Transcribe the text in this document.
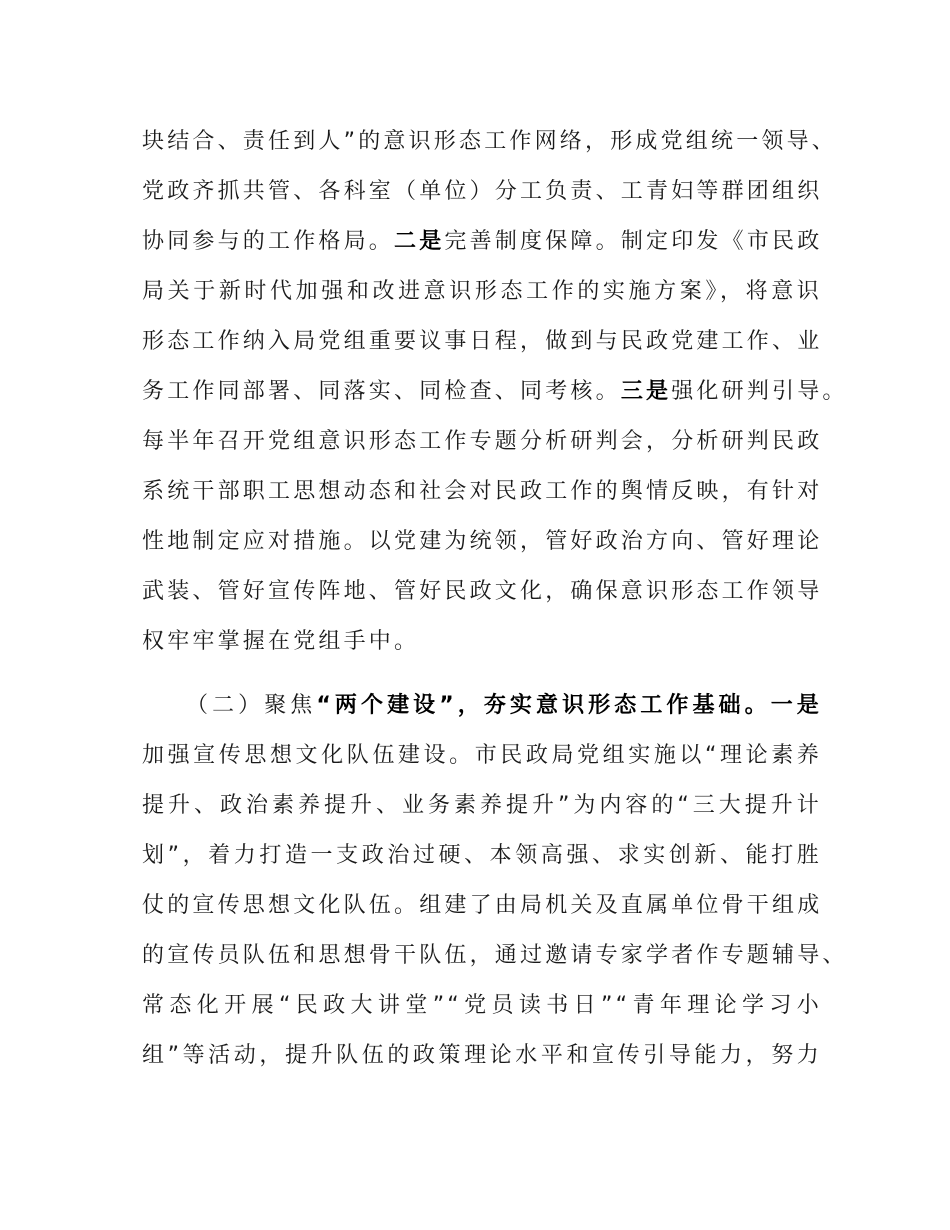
块结合、责任到人”的意识形态工作网络，形成党组统一领导、
党政齐抓共管、各科室（单位）分工负责、工青妇等群团组织
协同参与的工作格局。二是完善制度保障。制定印发《市民政
局关于新时代加强和改进意识形态工作的实施方案》，将意识
形态工作纳入局党组重要议事日程，做到与民政党建工作、业
务工作同部署、同落实、同检查、同考核。三是强化研判引导。
每半年召开党组意识形态工作专题分析研判会，分析研判民政
系统干部职工思想动态和社会对民政工作的舆情反映，有针对
性地制定应对措施。以党建为统领，管好政治方向、管好理论
武装、管好宣传阵地、管好民政文化，确保意识形态工作领导
权牢牢掌握在党组手中。
（二）聚焦“两个建设”，夯实意识形态工作基础。一是
加强宣传思想文化队伍建设。市民政局党组实施以“理论素养
提升、政治素养提升、业务素养提升”为内容的“三大提升计
划”，着力打造一支政治过硬、本领高强、求实创新、能打胜
仗的宣传思想文化队伍。组建了由局机关及直属单位骨干组成
的宣传员队伍和思想骨干队伍，通过邀请专家学者作专题辅导、
常态化开展“民政大讲堂”“党员读书日”“青年理论学习小
组”等活动，提升队伍的政策理论水平和宣传引导能力，努力
